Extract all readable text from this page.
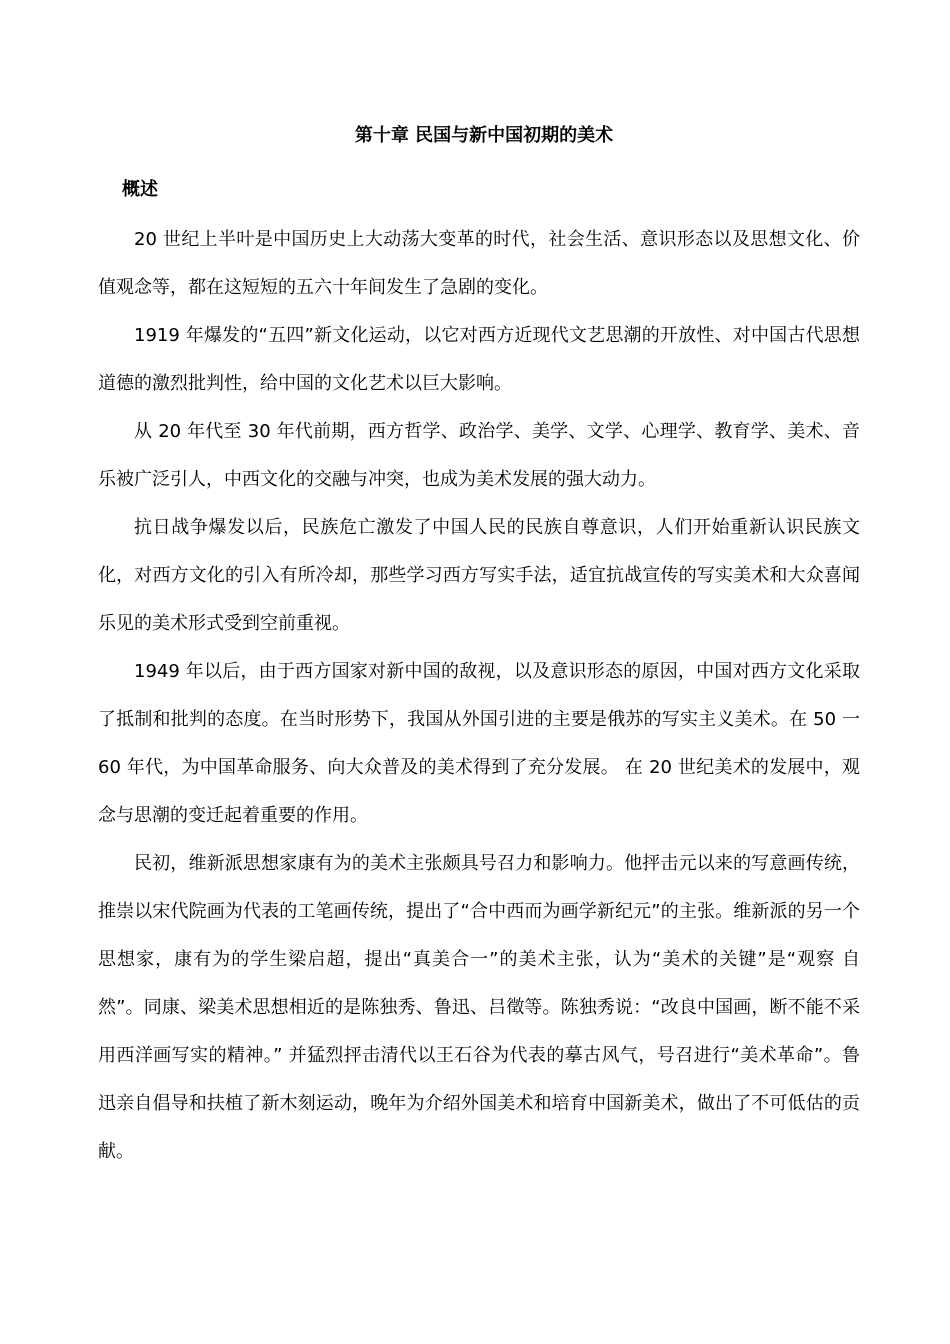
第十章 民国与新中国初期的美术
概述

20 世纪上半叶是中国历史上大动荡大变革的时代，社会生活、意识形态以及思想文化、价值观念等，都在这短短的五六十年间发生了急剧的变化。

1919 年爆发的“五四”新文化运动，以它对西方近现代文艺思潮的开放性、对中国古代思想道德的激烈批判性，给中国的文化艺术以巨大影响。

从 20 年代至 30 年代前期，西方哲学、政治学、美学、文学、心理学、教育学、美术、音乐被广泛引人，中西文化的交融与冲突，也成为美术发展的强大动力。

抗日战争爆发以后，民族危亡激发了中国人民的民族自尊意识，人们开始重新认识民族文化，对西方文化的引入有所冷却，那些学习西方写实手法，适宜抗战宣传的写实美术和大众喜闻乐见的美术形式受到空前重视。

1949 年以后，由于西方国家对新中国的敌视，以及意识形态的原因，中国对西方文化采取了抵制和批判的态度。在当时形势下，我国从外国引进的主要是俄苏的写实主义美术。在 50 一 60 年代，为中国革命服务、向大众普及的美术得到了充分发展。 在 20 世纪美术的发展中，观念与思潮的变迁起着重要的作用。

民初，维新派思想家康有为的美术主张颇具号召力和影响力。他抨击元以来的写意画传统， 推崇以宋代院画为代表的工笔画传统，提出了“合中西而为画学新纪元”的主张。维新派的另一个思想家，康有为的学生梁启超，提出“真美合一”的美术主张，认为“美术的关键”是“观察 自然”。同康、梁美术思想相近的是陈独秀、鲁迅、吕徵等。陈独秀说：“改良中国画，断不能不采用西洋画写实的精神。” 并猛烈抨击清代以王石谷为代表的摹古风气，号召进行“美术革命”。鲁迅亲自倡导和扶植了新木刻运动，晚年为介绍外国美术和培育中国新美术，做出了不可低估的贡献。
